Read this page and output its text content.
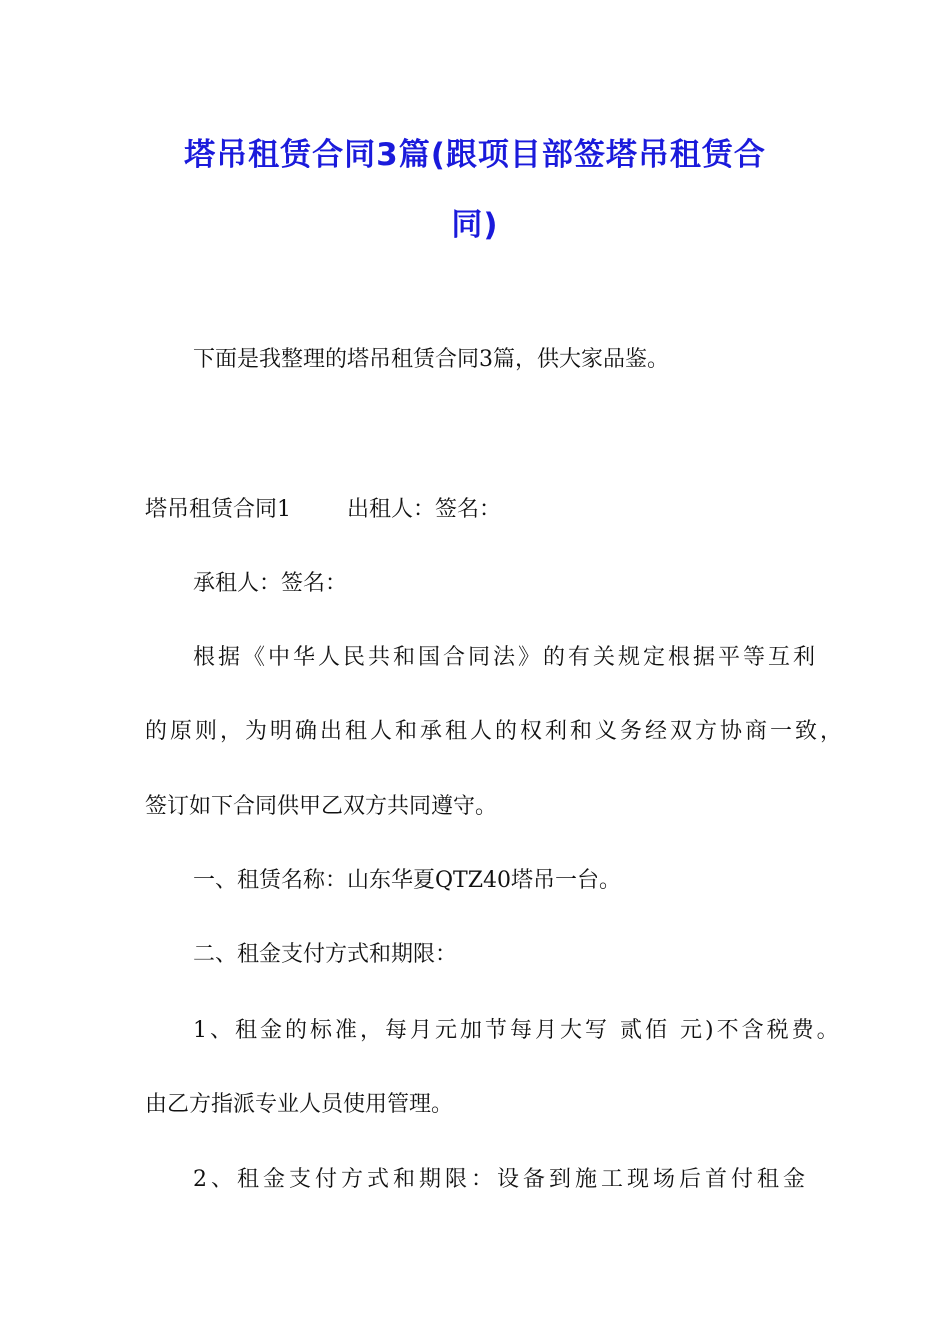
塔吊租赁合同3篇(跟项目部签塔吊租赁合
同)

下面是我整理的塔吊租赁合同3篇，供大家品鉴。

塔吊租赁合同1	出租人：签名：

承租人：签名：

根据《中华人民共和国合同法》的有关规定根据平等互利

的原则，为明确出租人和承租人的权利和义务经双方协商一致，

签订如下合同供甲乙双方共同遵守。

一、租赁名称：山东华夏QTZ40塔吊一台。

二、租金支付方式和期限：

1、租金的标准，每月元加节每月大写 贰佰 元)不含税费。

由乙方指派专业人员使用管理。

2、租金支付方式和期限：设备到施工现场后首付租金
